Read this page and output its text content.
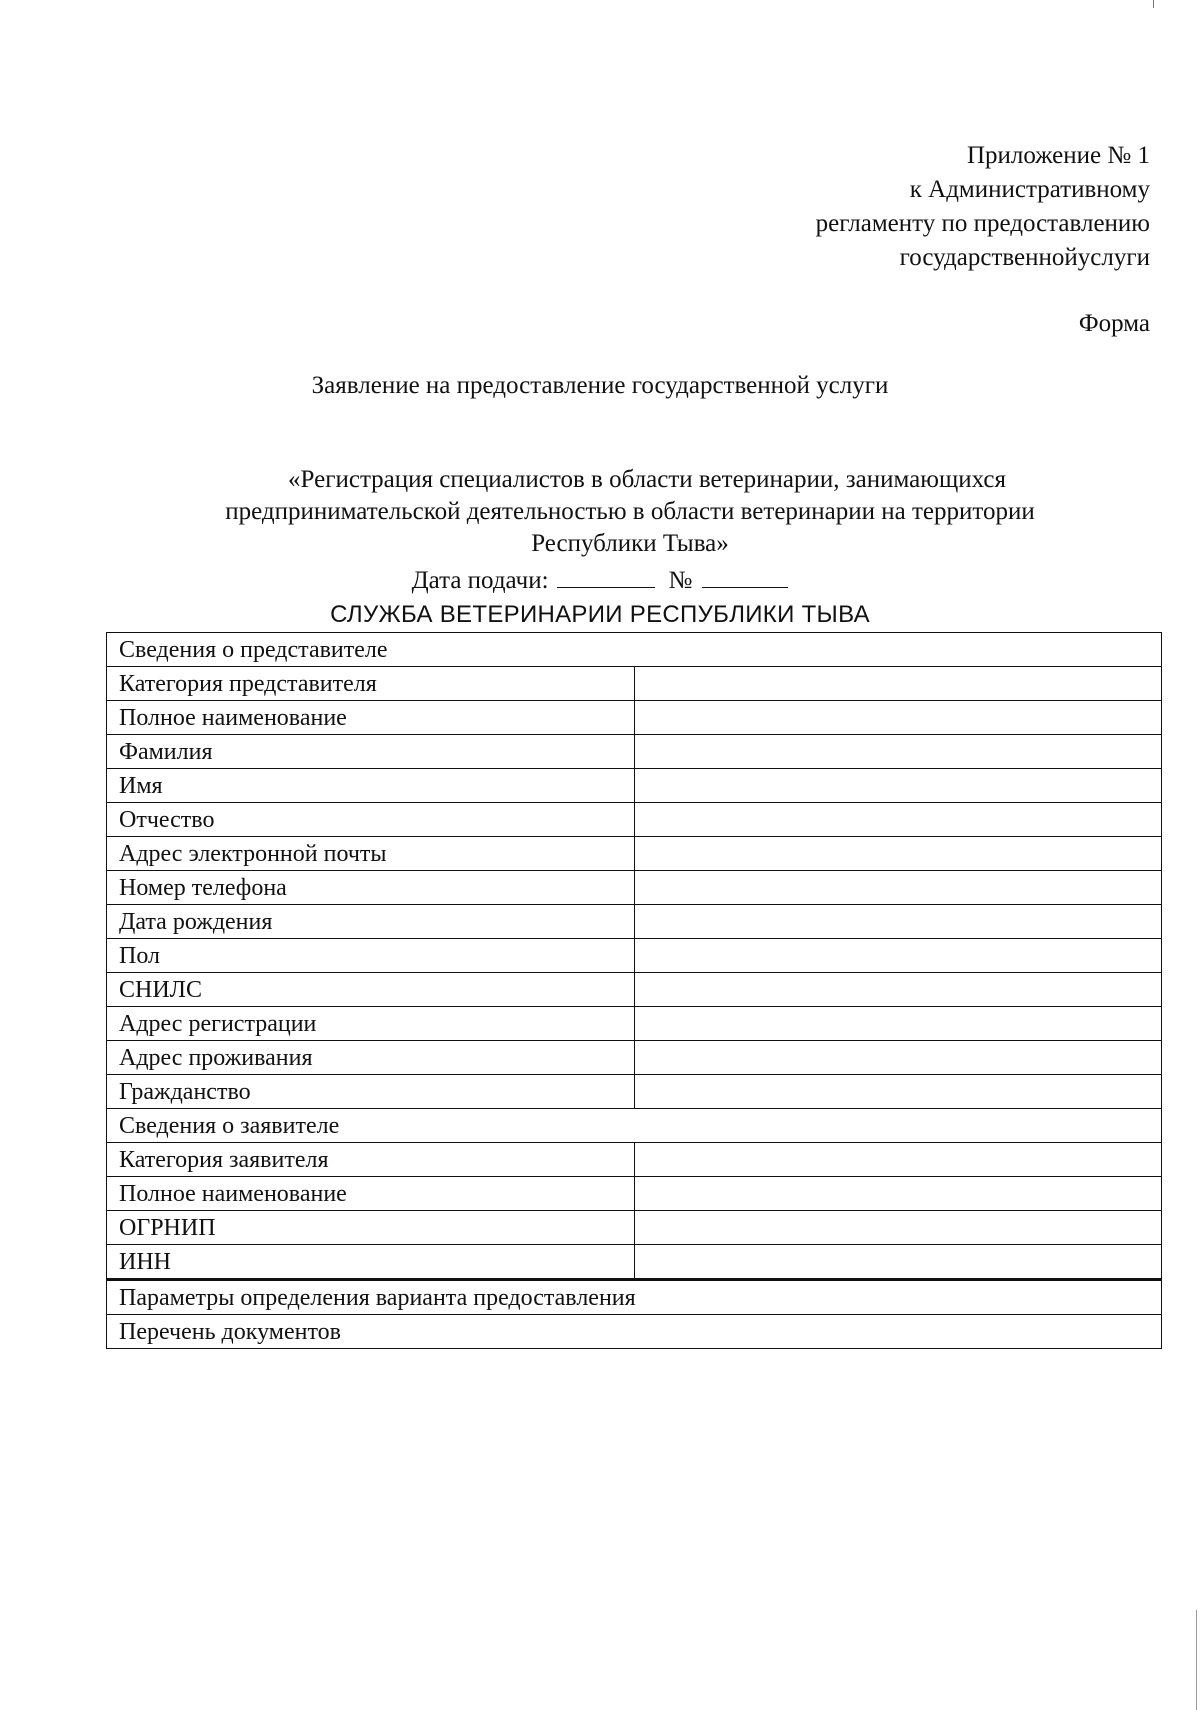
Приложение № 1
к Административному
регламенту по предоставлению
государственнойуслуги
Форма
Заявление на предоставление государственной услуги
«Регистрация специалистов в области ветеринарии, занимающихся
предпринимательской деятельностью в области ветеринарии на территории
Республики Тыва»
Дата подачи:	№
СЛУЖБА ВЕТЕРИНАРИИ РЕСПУБЛИКИ ТЫВА
Сведения о представителе	
Категория представителя	
Полное наименование	
Фамилия	
Имя	
Отчество	
Адрес электронной почты	
Номер телефона	
Дата рождения	
Пол	
СНИЛС	
Адрес регистрации	
Адрес проживания	
Гражданство	
Сведения о заявителе	
Категория заявителя	
Полное наименование	
ОГРНИП	
ИНН	
Параметры определения варианта предоставления	
Перечень документов	
